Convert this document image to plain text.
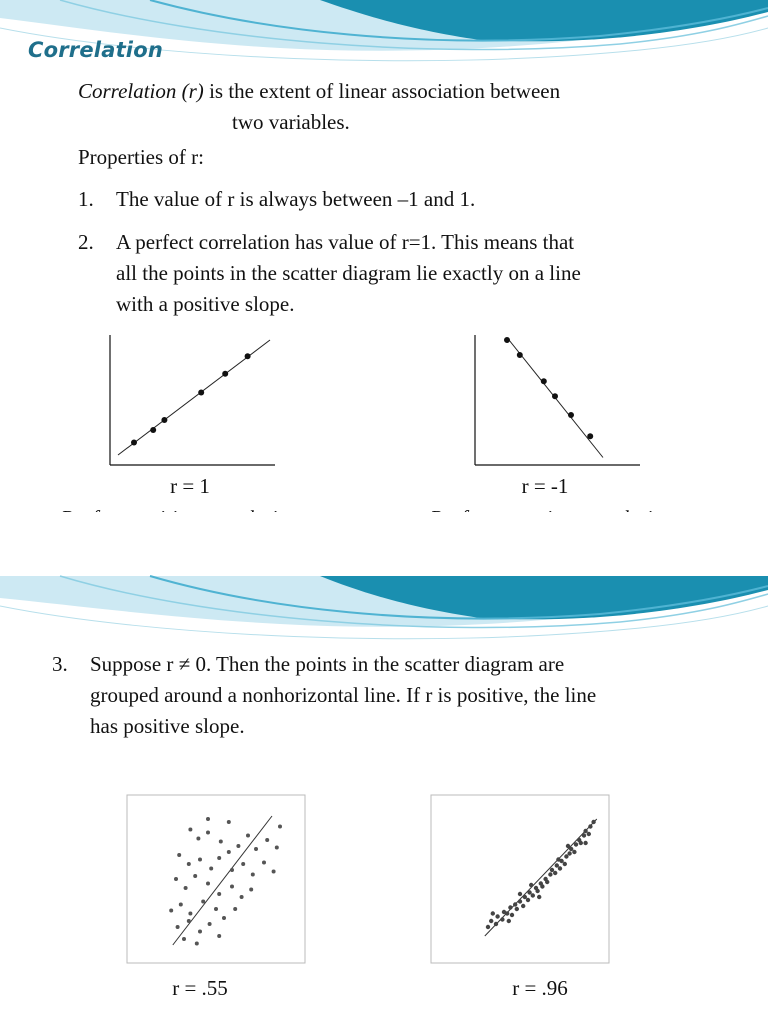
Correlation

Correlation (r) is the extent of linear association between

two variables.

Properties of r:

1. The value of r is always between –1 and 1.

2. A perfect correlation has value of r=1. This means that

all the points in the scatter diagram lie exactly on a line

with a positive slope.

r = 1	r = -1
3. Suppose r ≠ 0. Then the points in the scatter diagram are

grouped around a nonhorizontal line. If r is positive, the line

has positive slope.

r = .55	r = .96
